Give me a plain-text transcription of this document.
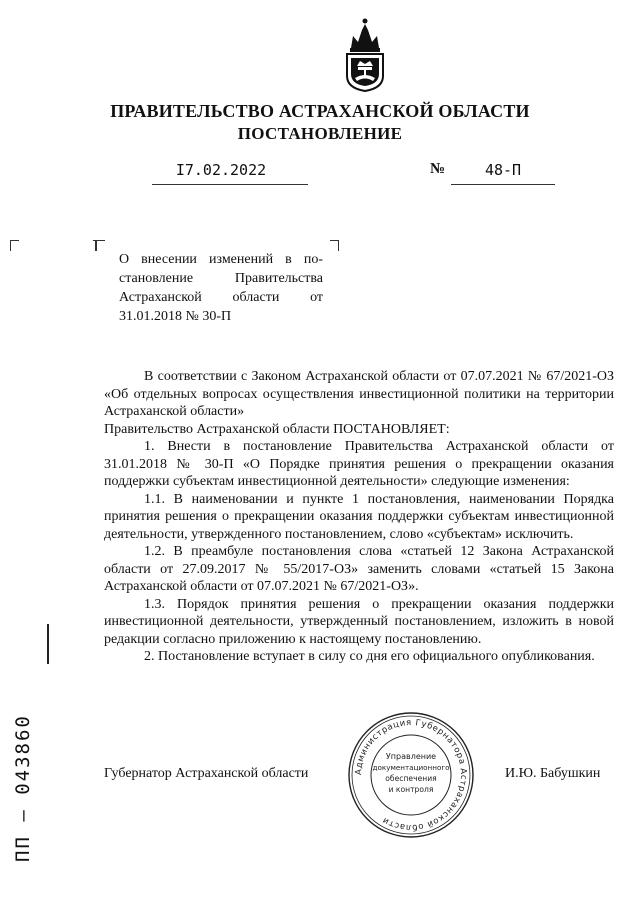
ПРАВИТЕЛЬСТВО АСТРАХАНСКОЙ ОБЛАСТИ
ПОСТАНОВЛЕНИЕ
I7.02.2022	№	48-П
О внесении изменений в по-
становление Правительства
Астраханской области от
31.01.2018 № 30-П

В соответствии с Законом Астраханской области от 07.07.2021 № 67/2021-ОЗ «Об отдельных вопросах осуществления инвестиционной политики на территории Астраханской области»

Правительство Астраханской области ПОСТАНОВЛЯЕТ:

1. Внести в постановление Правительства Астраханской области от 31.01.2018 № 30-П «О Порядке принятия решения о прекращении оказания поддержки субъектам инвестиционной деятельности» следующие изменения:

1.1. В наименовании и пункте 1 постановления, наименовании Порядка принятия решения о прекращении оказания поддержки субъектам инвестиционной деятельности, утвержденного постановлением, слово «субъектам» исключить.

1.2. В преамбуле постановления слова «статьей 12 Закона Астраханской области от 27.09.2017 № 55/2017-ОЗ» заменить словами «статьей 15 Закона Астраханской области от 07.07.2021 № 67/2021-ОЗ».

1.3. Порядок принятия решения о прекращении оказания поддержки инвестиционной деятельности, утвержденный постановлением, изложить в новой редакции согласно приложению к настоящему постановлению.

2. Постановление вступает в силу со дня его официального опубликования.

Администрация Губернатора Астраханской области
Управление
документационного
обеспечения
и контроля
Губернатор Астраханской области	И.Ю. Бабушкин
ПП – 043860
